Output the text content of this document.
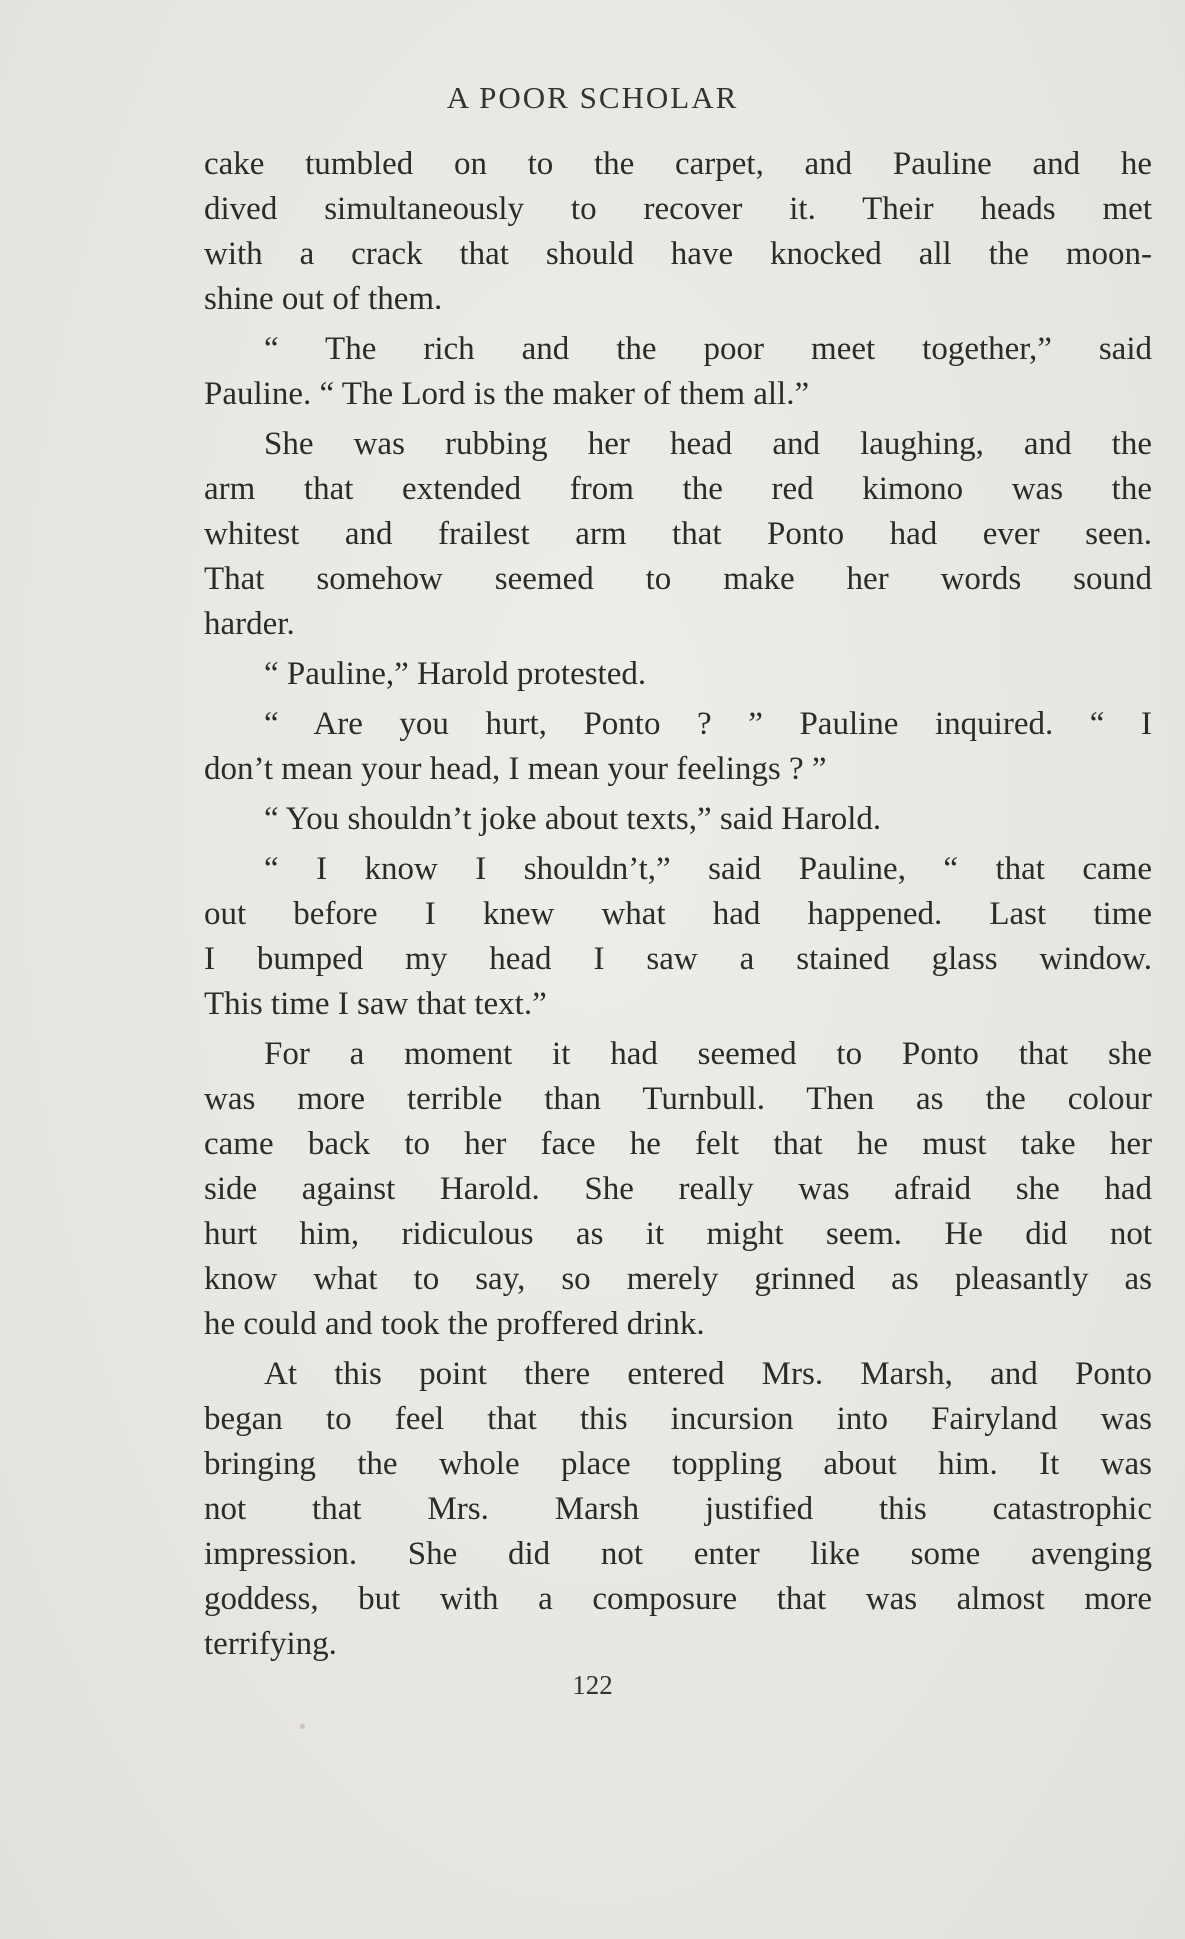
A POOR SCHOLAR
cake tumbled on to the carpet, and Pauline and he
dived simultaneously to recover it. Their heads met
with a crack that should have knocked all the moon-
shine out of them.
“ The rich and the poor meet together,” said
Pauline. “ The Lord is the maker of them all.”
She was rubbing her head and laughing, and the
arm that extended from the red kimono was the
whitest and frailest arm that Ponto had ever seen.
That somehow seemed to make her words sound
harder.
“ Pauline,” Harold protested.
“ Are you hurt, Ponto ? ” Pauline inquired. “ I
don’t mean your head, I mean your feelings ? ”
“ You shouldn’t joke about texts,” said Harold.
“ I know I shouldn’t,” said Pauline, “ that came
out before I knew what had happened. Last time
I bumped my head I saw a stained glass window.
This time I saw that text.”
For a moment it had seemed to Ponto that she
was more terrible than Turnbull. Then as the colour
came back to her face he felt that he must take her
side against Harold. She really was afraid she had
hurt him, ridiculous as it might seem. He did not
know what to say, so merely grinned as pleasantly as
he could and took the proffered drink.
At this point there entered Mrs. Marsh, and Ponto
began to feel that this incursion into Fairyland was
bringing the whole place toppling about him. It was
not that Mrs. Marsh justified this catastrophic
impression. She did not enter like some avenging
goddess, but with a composure that was almost more
terrifying.
122
